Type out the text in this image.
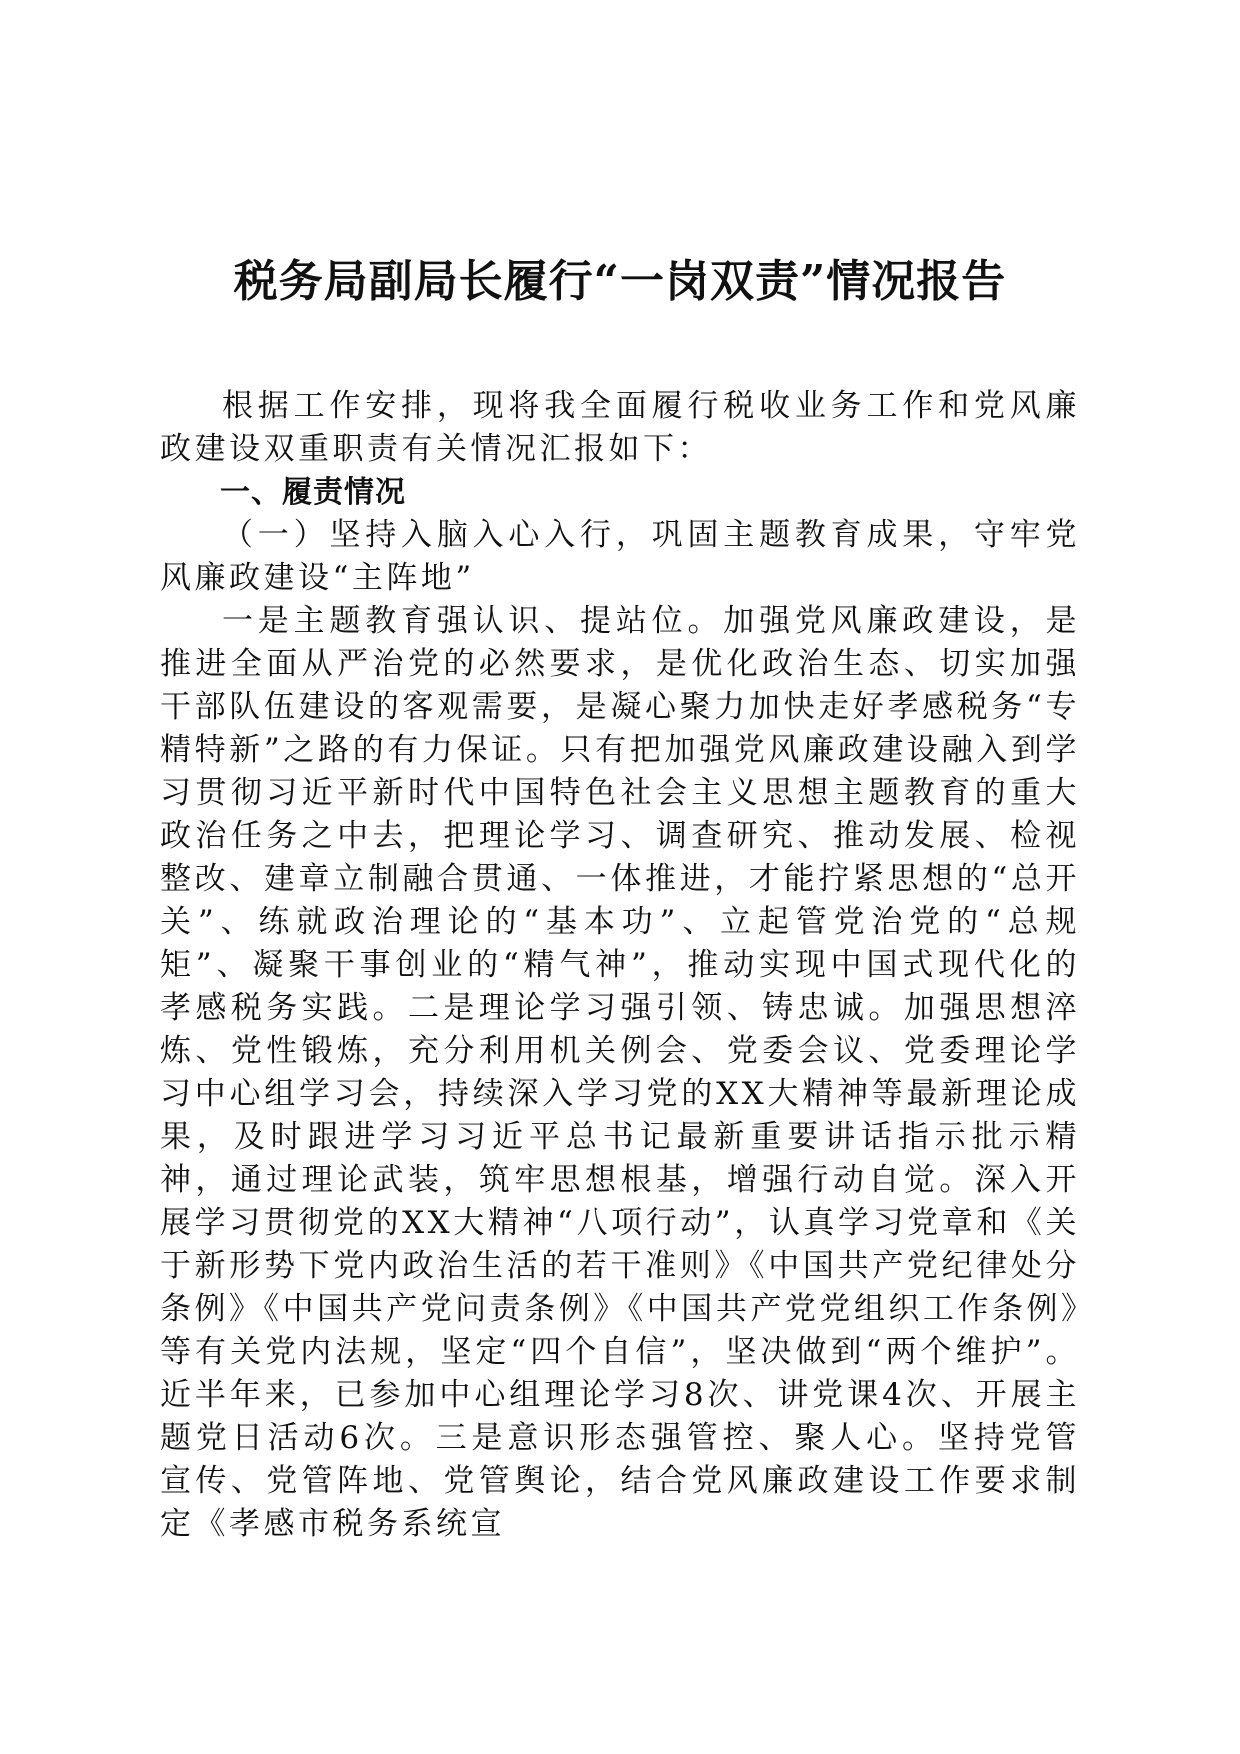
税务局副局长履行“一岗双责”情况报告

根据工作安排，现将我全面履行税收业务工作和党风廉政建设双重职责有关情况汇报如下：

一、履责情况

（一）坚持入脑入心入行，巩固主题教育成果，守牢党风廉政建设“主阵地”

一是主题教育强认识、提站位。加强党风廉政建设，是推进全面从严治党的必然要求，是优化政治生态、切实加强干部队伍建设的客观需要，是凝心聚力加快走好孝感税务“专精特新”之路的有力保证。只有把加强党风廉政建设融入到学习贯彻习近平新时代中国特色社会主义思想主题教育的重大政治任务之中去，把理论学习、调查研究、推动发展、检视整改、建章立制融合贯通、一体推进，才能拧紧思想的“总开关”、练就政治理论的“基本功”、立起管党治党的“总规矩”、凝聚干事创业的“精气神”，推动实现中国式现代化的孝感税务实践。二是理论学习强引领、铸忠诚。加强思想淬炼、党性锻炼，充分利用机关例会、党委会议、党委理论学习中心组学习会，持续深入学习党的XX大精神等最新理论成果，及时跟进学习习近平总书记最新重要讲话指示批示精神，通过理论武装，筑牢思想根基，增强行动自觉。深入开展学习贯彻党的XX大精神“八项行动”，认真学习党章和《关于新形势下党内政治生活的若干准则》《中国共产党纪律处分条例》《中国共产党问责条例》《中国共产党党组织工作条例》等有关党内法规，坚定“四个自信”，坚决做到“两个维护”。近半年来，已参加中心组理论学习8次、讲党课4次、开展主题党日活动6次。三是意识形态强管控、聚人心。坚持党管宣传、党管阵地、党管舆论，结合党风廉政建设工作要求制定《孝感市税务系统宣
